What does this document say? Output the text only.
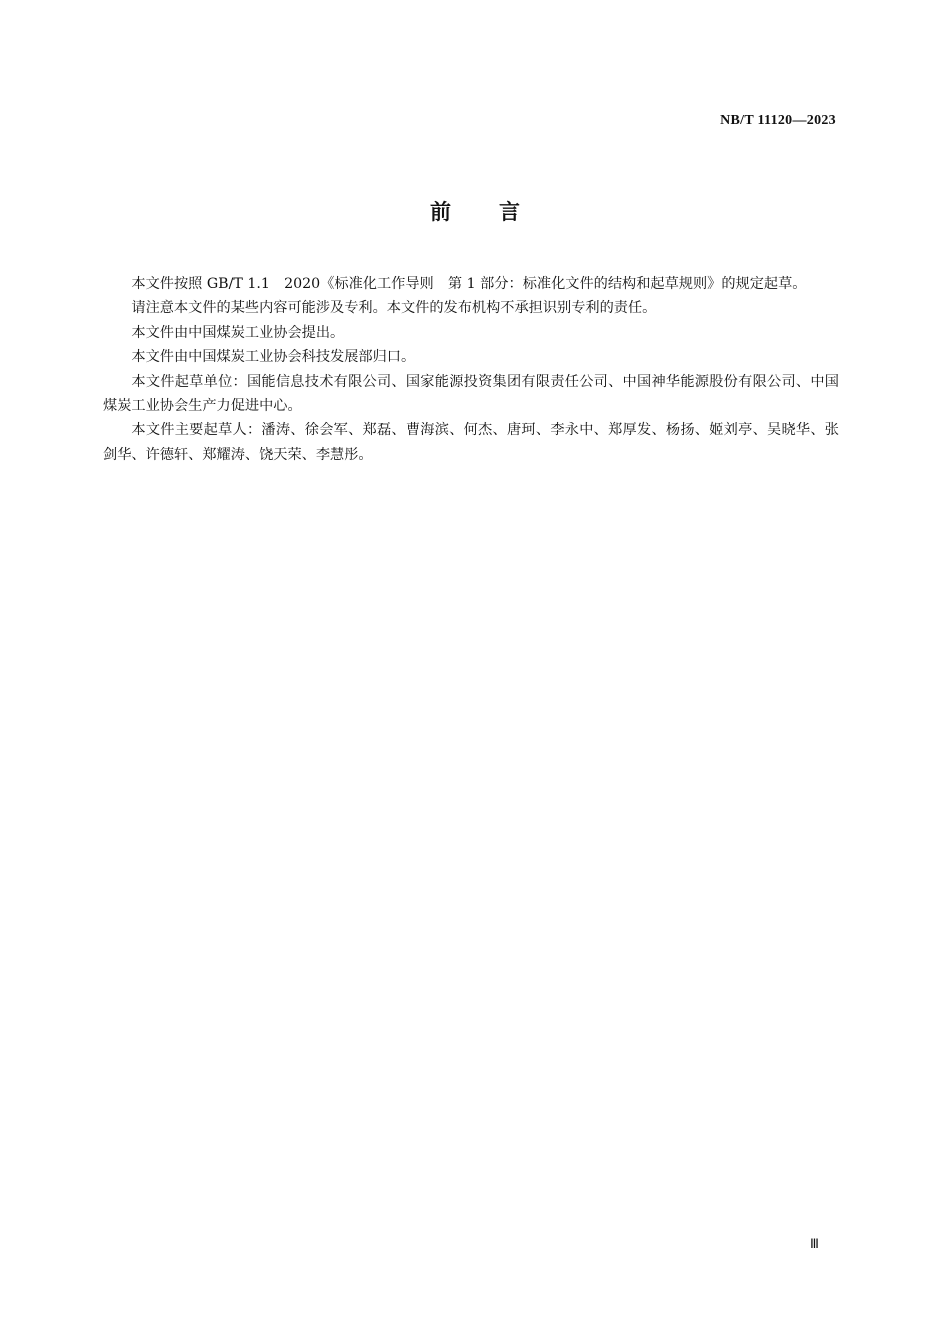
NB/T 11120—2023
前言

本文件按照 GB/T 1.1　2020《标准化工作导则　第 1 部分：标准化文件的结构和起草规则》的规定起草。

请注意本文件的某些内容可能涉及专利。本文件的发布机构不承担识别专利的责任。

本文件由中国煤炭工业协会提出。

本文件由中国煤炭工业协会科技发展部归口。

本文件起草单位：国能信息技术有限公司、国家能源投资集团有限责任公司、中国神华能源股份有限公司、中国煤炭工业协会生产力促进中心。

本文件主要起草人：潘涛、徐会军、郑磊、曹海滨、何杰、唐珂、李永中、郑厚发、杨扬、姬刘亭、吴晓华、张剑华、许德轩、郑耀涛、饶天荣、李慧彤。

Ⅲ
